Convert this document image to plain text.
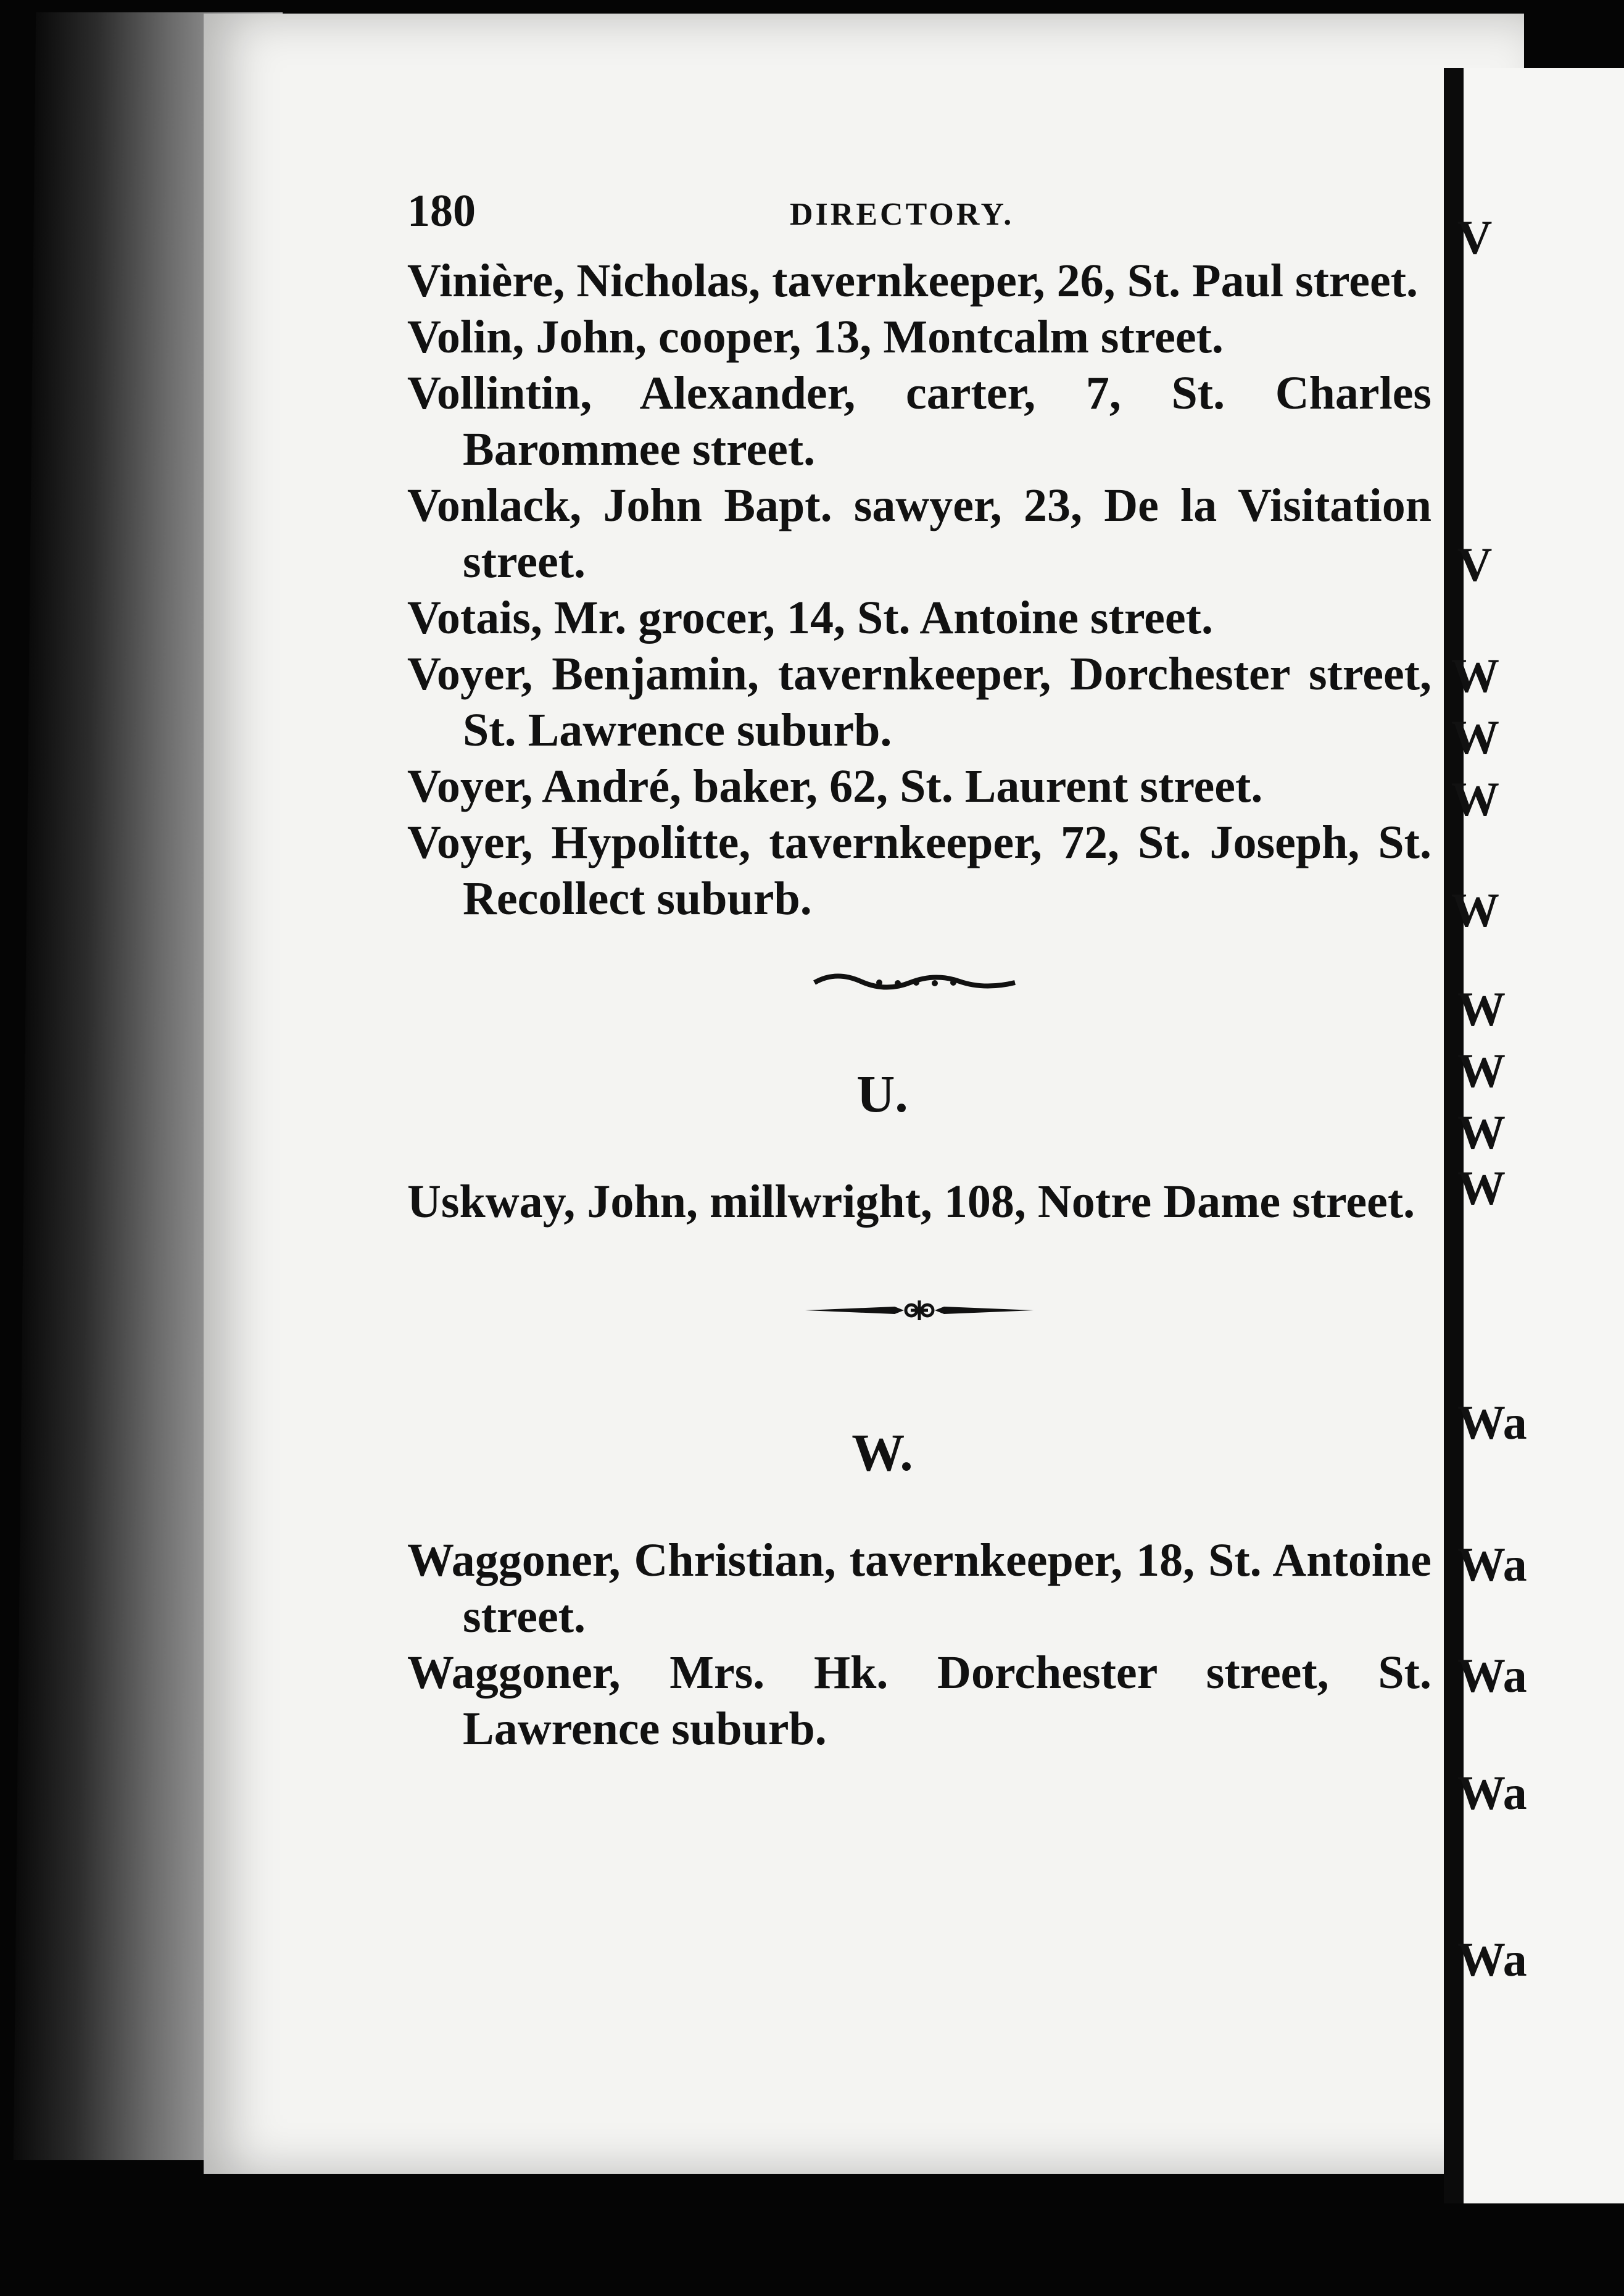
V
V
W
W
W
W
W
W
W
W
Wa
Wa
Wa
Wa
Wa
180	DIRECTORY.

Vinière, Nicholas, tavernkeeper, 26, St. Paul street.

Volin, John, cooper, 13, Montcalm street.

Vollintin, Alexander, carter, 7, St. Charles Barommee street.

Vonlack, John Bapt. sawyer, 23, De la Visitation street.

Votais, Mr. grocer, 14, St. Antoine street.

Voyer, Benjamin, tavernkeeper, Dorchester street, St. Lawrence suburb.

Voyer, André, baker, 62, St. Laurent street.

Voyer, Hypolitte, tavernkeeper, 72, St. Joseph, St. Recollect suburb.

U.

Uskway, John, millwright, 108, Notre Dame street.

W.

Waggoner, Christian, tavernkeeper, 18, St. Antoine street.

Waggoner, Mrs. Hk. Dorchester street, St. Lawrence suburb.
